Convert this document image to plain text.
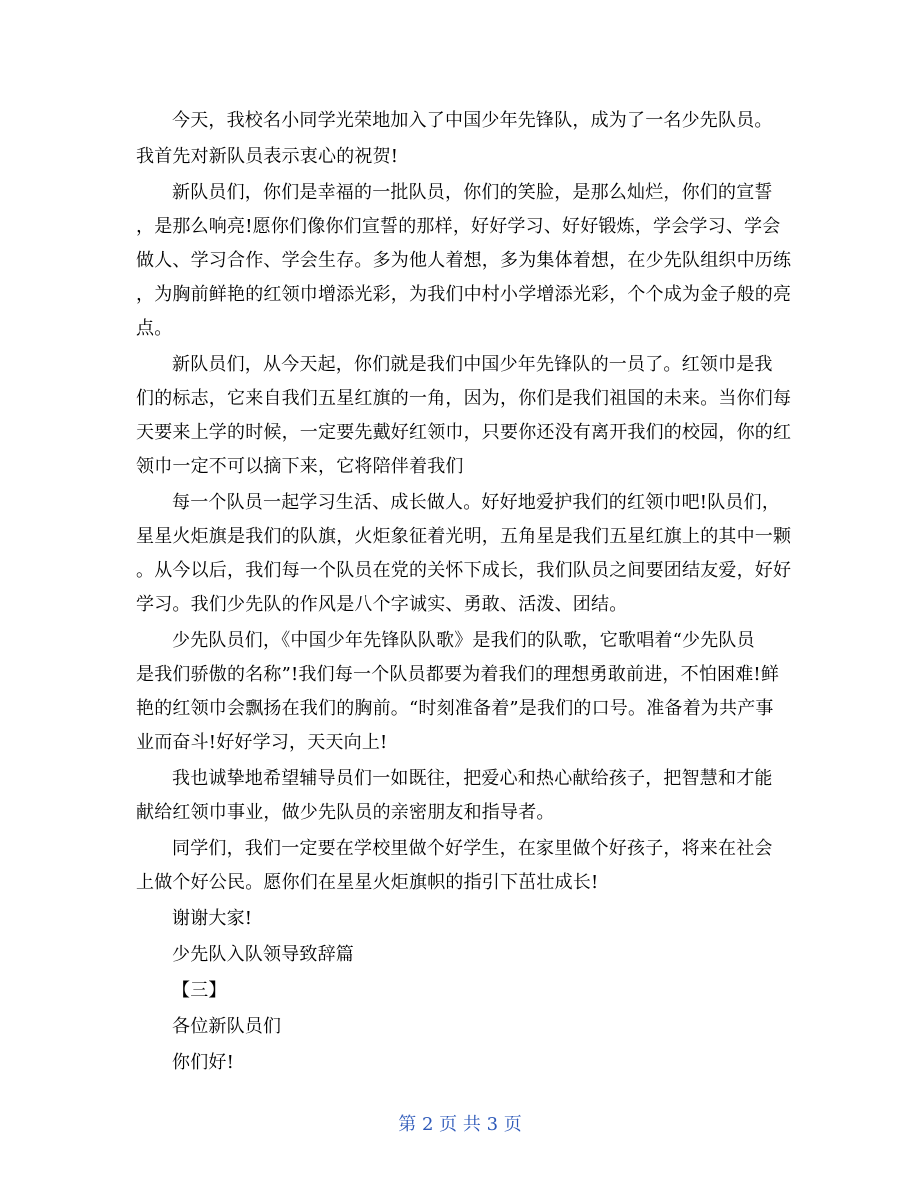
今天，我校名小同学光荣地加入了中国少年先锋队，成为了一名少先队员。
我首先对新队员表示衷心的祝贺!
新队员们，你们是幸福的一批队员，你们的笑脸，是那么灿烂，你们的宣誓
，是那么响亮!愿你们像你们宣誓的那样，好好学习、好好锻炼，学会学习、学会
做人、学习合作、学会生存。多为他人着想，多为集体着想，在少先队组织中历练
，为胸前鲜艳的红领巾增添光彩，为我们中村小学增添光彩，个个成为金子般的亮
点。
新队员们，从今天起，你们就是我们中国少年先锋队的一员了。红领巾是我
们的标志，它来自我们五星红旗的一角，因为，你们是我们祖国的未来。当你们每
天要来上学的时候，一定要先戴好红领巾，只要你还没有离开我们的校园，你的红
领巾一定不可以摘下来，它将陪伴着我们
每一个队员一起学习生活、成长做人。好好地爱护我们的红领巾吧!队员们，
星星火炬旗是我们的队旗，火炬象征着光明，五角星是我们五星红旗上的其中一颗
。从今以后，我们每一个队员在党的关怀下成长，我们队员之间要团结友爱，好好
学习。我们少先队的作风是八个字诚实、勇敢、活泼、团结。
少先队员们，《中国少年先锋队队歌》是我们的队歌，它歌唱着“少先队员
是我们骄傲的名称”!我们每一个队员都要为着我们的理想勇敢前进，不怕困难!鲜
艳的红领巾会飘扬在我们的胸前。“时刻准备着”是我们的口号。准备着为共产事
业而奋斗!好好学习，天天向上!
我也诚挚地希望辅导员们一如既往，把爱心和热心献给孩子，把智慧和才能
献给红领巾事业，做少先队员的亲密朋友和指导者。
同学们，我们一定要在学校里做个好学生，在家里做个好孩子，将来在社会
上做个好公民。愿你们在星星火炬旗帜的指引下茁壮成长!
谢谢大家!
少先队入队领导致辞篇
【三】
各位新队员们
你们好!
第 2 页 共 3 页
